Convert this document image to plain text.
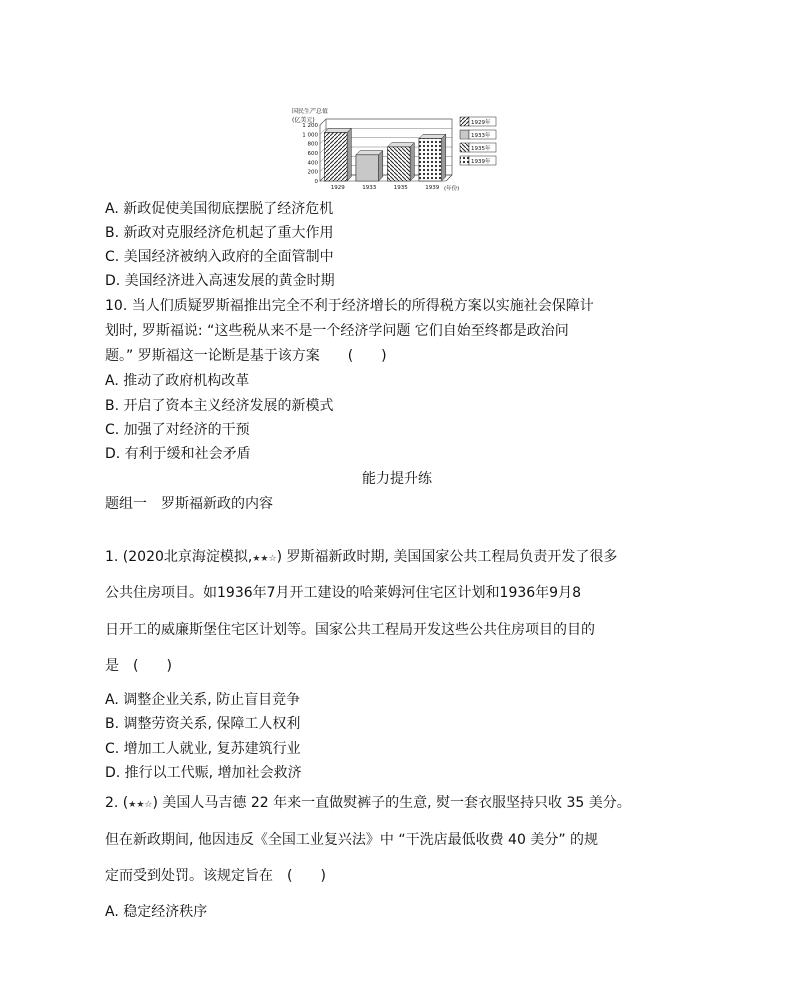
国民生产总值
(亿美元)
0
200
400
600
800
1 000
1 200
1929	1933	1935	1939 (年份)
1929年
1933年
1935年
1939年
A. 新政促使美国彻底摆脱了经济危机
B. 新政对克服经济危机起了重大作用
C. 美国经济被纳入政府的全面管制中
D. 美国经济进入高速发展的黄金时期
10. 当人们质疑罗斯福推出完全不利于经济增长的所得税方案以实施社会保障计
划时, 罗斯福说: “这些税从来不是一个经济学问题 它们自始至终都是政治问
题。” 罗斯福这一论断是基于该方案　　(　　)
A. 推动了政府机构改革
B. 开启了资本主义经济发展的新模式
C. 加强了对经济的干预
D. 有利于缓和社会矛盾
能力提升练
题组一　罗斯福新政的内容
1. (2020北京海淀模拟,★★☆) 罗斯福新政时期, 美国国家公共工程局负责开发了很多
公共住房项目。如1936年7月开工建设的哈莱姆河住宅区计划和1936年9月8
日开工的威廉斯堡住宅区计划等。国家公共工程局开发这些公共住房项目的目的
是　(　　)
A. 调整企业关系, 防止盲目竞争
B. 调整劳资关系, 保障工人权利
C. 增加工人就业, 复苏建筑行业
D. 推行以工代赈, 增加社会救济
2. (★★☆) 美国人马吉德 22 年来一直做熨裤子的生意, 熨一套衣服坚持只收 35 美分。
但在新政期间, 他因违反《全国工业复兴法》中 “干洗店最低收费 40 美分” 的规
定而受到处罚。该规定旨在　(　　)
A. 稳定经济秩序
